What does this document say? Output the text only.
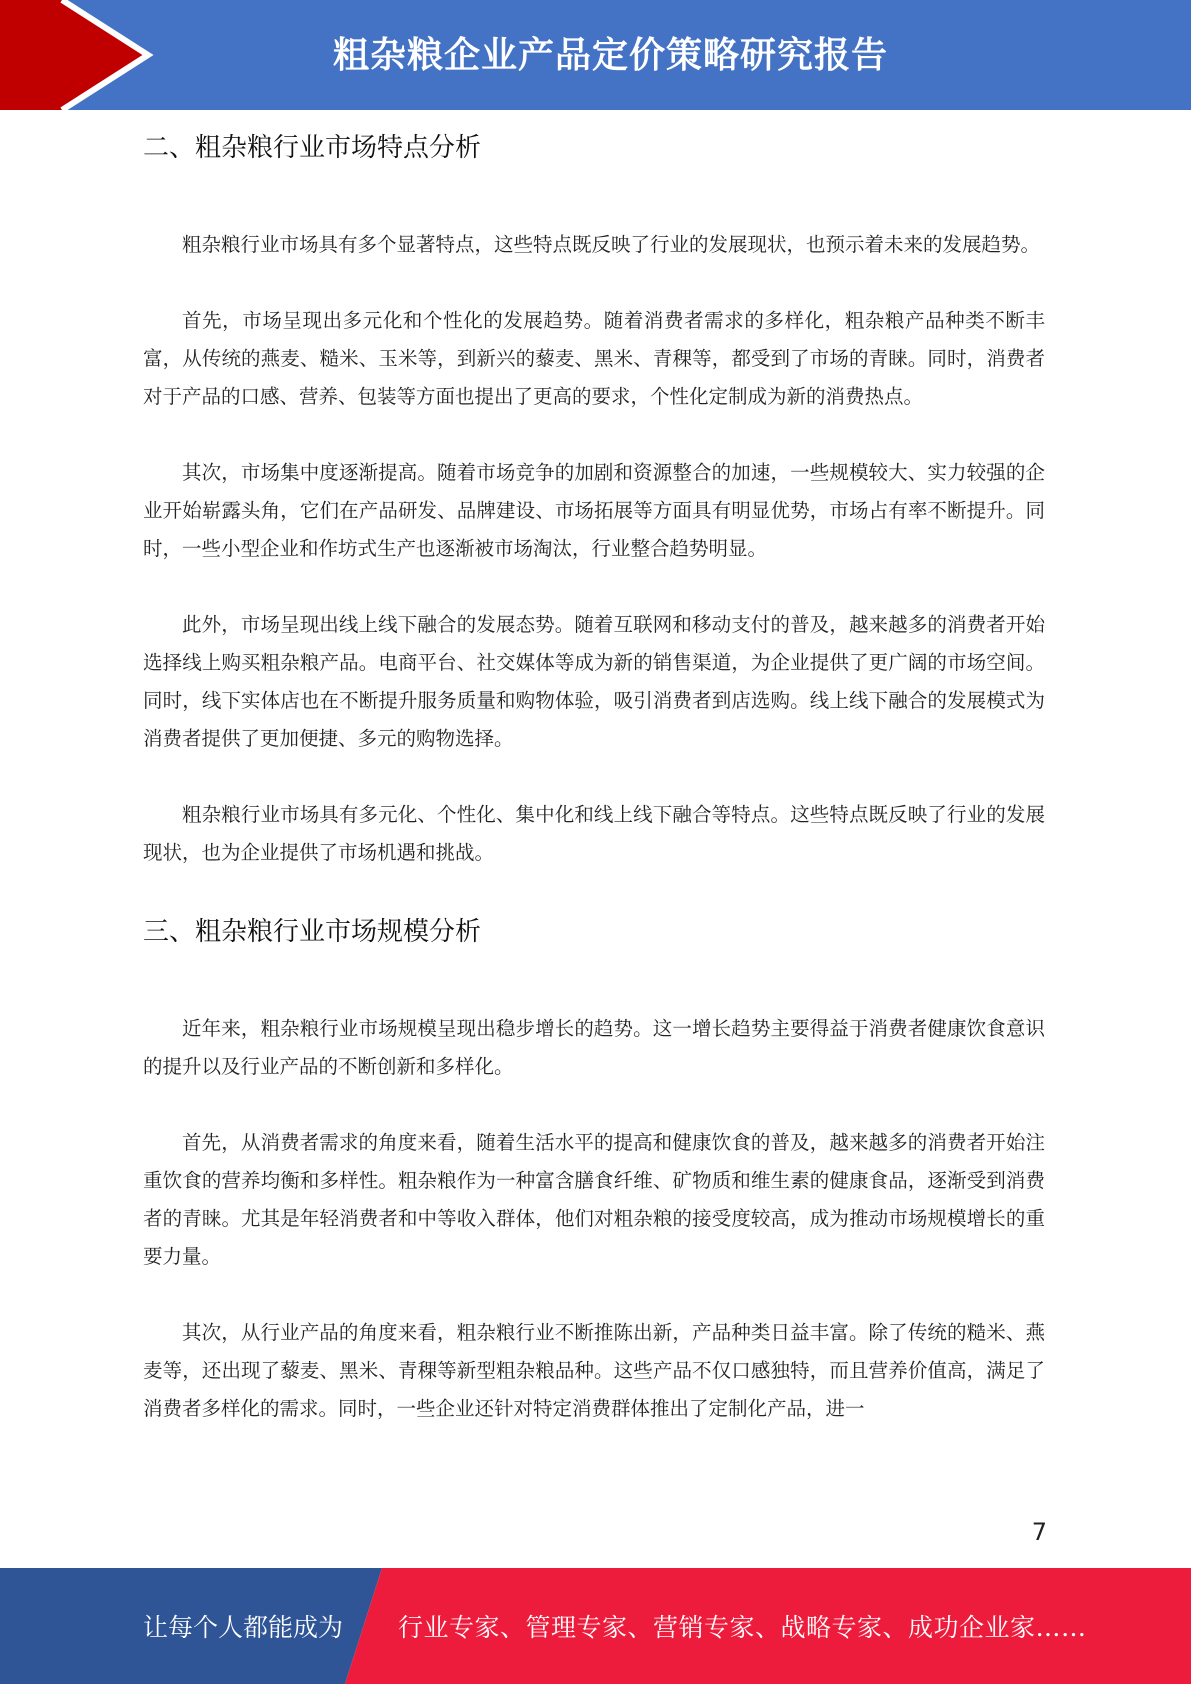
粗杂粮企业产品定价策略研究报告
二、粗杂粮行业市场特点分析

粗杂粮行业市场具有多个显著特点，这些特点既反映了行业的发展现状，也预示着未来的发展趋势。

首先，市场呈现出多元化和个性化的发展趋势。随着消费者需求的多样化，粗杂粮产品种类不断丰富，从传统的燕麦、糙米、玉米等，到新兴的藜麦、黑米、青稞等，都受到了市场的青睐。同时，消费者对于产品的口感、营养、包装等方面也提出了更高的要求，个性化定制成为新的消费热点。

其次，市场集中度逐渐提高。随着市场竞争的加剧和资源整合的加速，一些规模较大、实力较强的企业开始崭露头角，它们在产品研发、品牌建设、市场拓展等方面具有明显优势，市场占有率不断提升。同时，一些小型企业和作坊式生产也逐渐被市场淘汰，行业整合趋势明显。

此外，市场呈现出线上线下融合的发展态势。随着互联网和移动支付的普及，越来越多的消费者开始选择线上购买粗杂粮产品。电商平台、社交媒体等成为新的销售渠道，为企业提供了更广阔的市场空间。同时，线下实体店也在不断提升服务质量和购物体验，吸引消费者到店选购。线上线下融合的发展模式为消费者提供了更加便捷、多元的购物选择。

粗杂粮行业市场具有多元化、个性化、集中化和线上线下融合等特点。这些特点既反映了行业的发展现状，也为企业提供了市场机遇和挑战。

三、粗杂粮行业市场规模分析

近年来，粗杂粮行业市场规模呈现出稳步增长的趋势。这一增长趋势主要得益于消费者健康饮食意识的提升以及行业产品的不断创新和多样化。

首先，从消费者需求的角度来看，随着生活水平的提高和健康饮食的普及，越来越多的消费者开始注重饮食的营养均衡和多样性。粗杂粮作为一种富含膳食纤维、矿物质和维生素的健康食品，逐渐受到消费者的青睐。尤其是年轻消费者和中等收入群体，他们对粗杂粮的接受度较高，成为推动市场规模增长的重要力量。

其次，从行业产品的角度来看，粗杂粮行业不断推陈出新，产品种类日益丰富。除了传统的糙米、燕麦等，还出现了藜麦、黑米、青稞等新型粗杂粮品种。这些产品不仅口感独特，而且营养价值高，满足了消费者多样化的需求。同时，一些企业还针对特定消费群体推出了定制化产品，进一

7
让每个人都能成为 行业专家、管理专家、营销专家、战略专家、成功企业家……
